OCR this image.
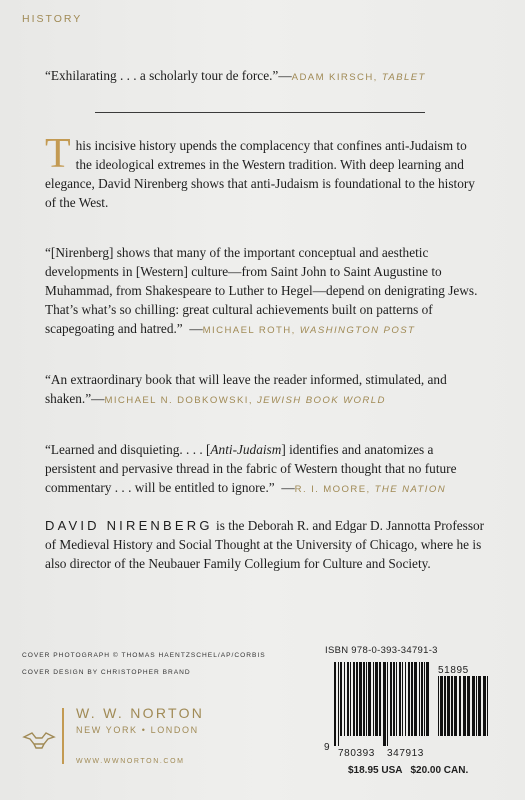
HISTORY
“Exhilarating . . . a scholarly tour de force.”—ADAM KIRSCH, TABLET
This incisive history upends the complacency that confines anti-Judaism to the ideological extremes in the Western tradition. With deep learning and elegance, David Nirenberg shows that anti-Judaism is foundational to the history of the West.
“[Nirenberg] shows that many of the important conceptual and aesthetic developments in [Western] culture—from Saint John to Saint Augustine to Muhammad, from Shakespeare to Luther to Hegel—depend on denigrating Jews. That’s what’s so chilling: great cultural achievements built on patterns of scapegoating and hatred.”  —MICHAEL ROTH, WASHINGTON POST
“An extraordinary book that will leave the reader informed, stimulated, and shaken.”—MICHAEL N. DOBKOWSKI, JEWISH BOOK WORLD
“Learned and disquieting. . . . [Anti-Judaism] identifies and anatomizes a persistent and pervasive thread in the fabric of Western thought that no future commentary . . . will be entitled to ignore.”  —R. I. MOORE, THE NATION
DAVID NIRENBERG is the Deborah R. and Edgar D. Jannotta Professor of Medieval History and Social Thought at the University of Chicago, where he is also director of the Neubauer Family Collegium for Culture and Society.
COVER PHOTOGRAPH © THOMAS HAENTZSCHEL/AP/CORBIS
COVER DESIGN BY CHRISTOPHER BRAND
W. W. NORTON
NEW YORK • LONDON
WWW.WWNORTON.COM
ISBN 978-0-393-34791-3
51895
9
780393 347913
$18.95 USA   $20.00 CAN.
